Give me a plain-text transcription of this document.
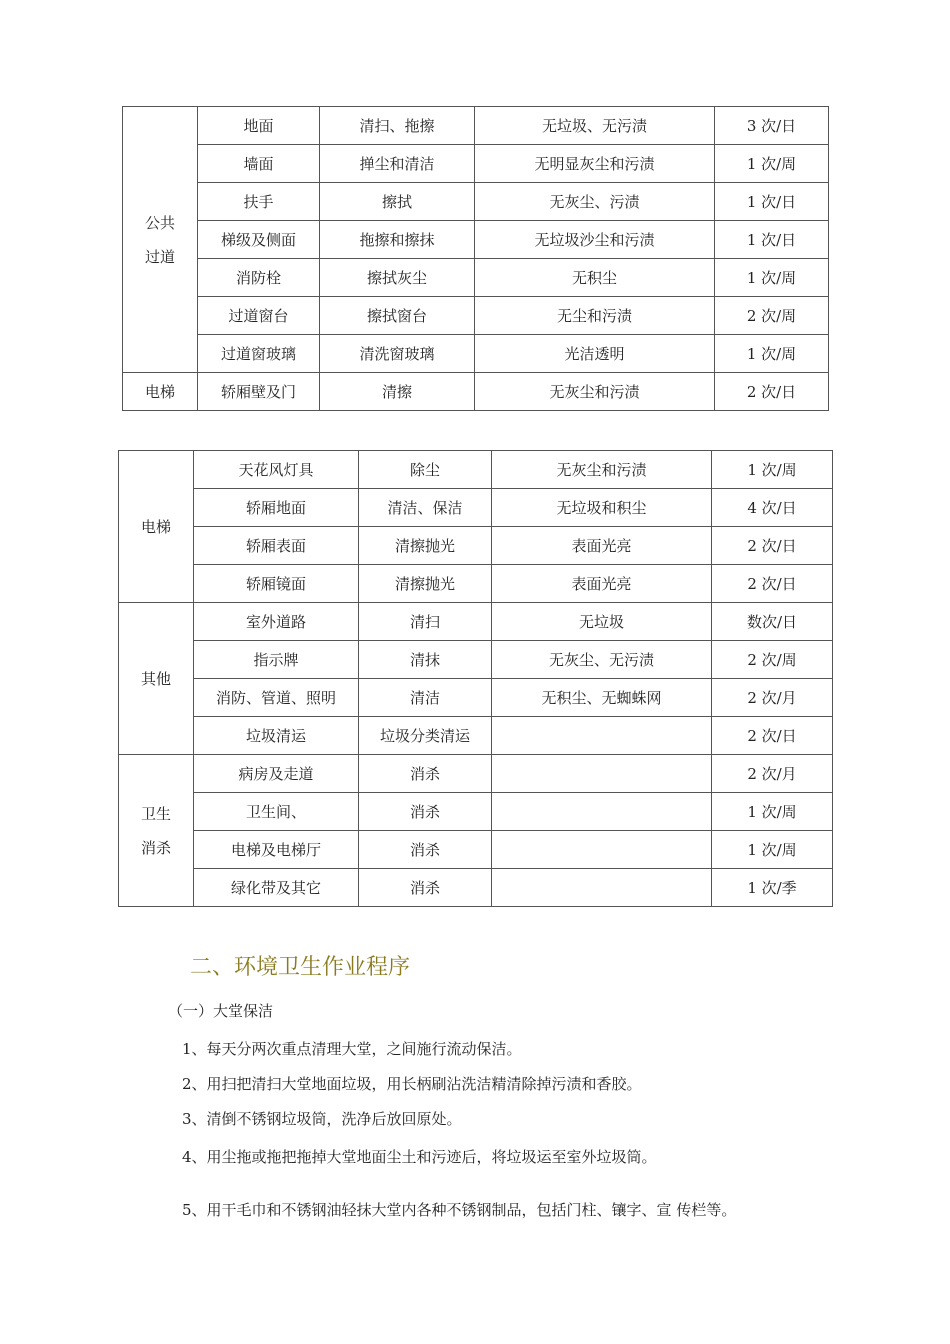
公共
过道	地面	清扫、拖擦	无垃圾、无污渍	3 次/日
	墙面	掸尘和清洁	无明显灰尘和污渍	1 次/周
	扶手	擦拭	无灰尘、污渍	1 次/日
	梯级及侧面	拖擦和擦抹	无垃圾沙尘和污渍	1 次/日
	消防栓	擦拭灰尘	无积尘	1 次/周
	过道窗台	擦拭窗台	无尘和污渍	2 次/周
	过道窗玻璃	清洗窗玻璃	光洁透明	1 次/周

电梯	轿厢壁及门	清擦	无灰尘和污渍	2 次/日
电梯	天花风灯具	除尘	无灰尘和污渍	1 次/周
	轿厢地面	清洁、保洁	无垃圾和积尘	4 次/日
	轿厢表面	清擦抛光	表面光亮	2 次/日
	轿厢镜面	清擦抛光	表面光亮	2 次/日

其他	室外道路	清扫	无垃圾	数次/日
	指示牌	清抹	无灰尘、无污渍	2 次/周
	消防、管道、照明	清洁	无积尘、无蜘蛛网	2 次/月
	垃圾清运	垃圾分类清运		2 次/日

卫生
消杀	病房及走道	消杀		2 次/月
	卫生间、	消杀		1 次/周
	电梯及电梯厅	消杀		1 次/周
	绿化带及其它	消杀		1 次/季
二、环境卫生作业程序
（一）大堂保洁
1、每天分两次重点清理大堂，之间施行流动保洁。
2、用扫把清扫大堂地面垃圾，用长柄刷沾洗洁精清除掉污渍和香胶。
3、清倒不锈钢垃圾筒，洗净后放回原处。
4、用尘拖或拖把拖掉大堂地面尘土和污迹后，将垃圾运至室外垃圾筒。
5、用干毛巾和不锈钢油轻抹大堂内各种不锈钢制品，包括门柱、镶字、宣 传栏等。
